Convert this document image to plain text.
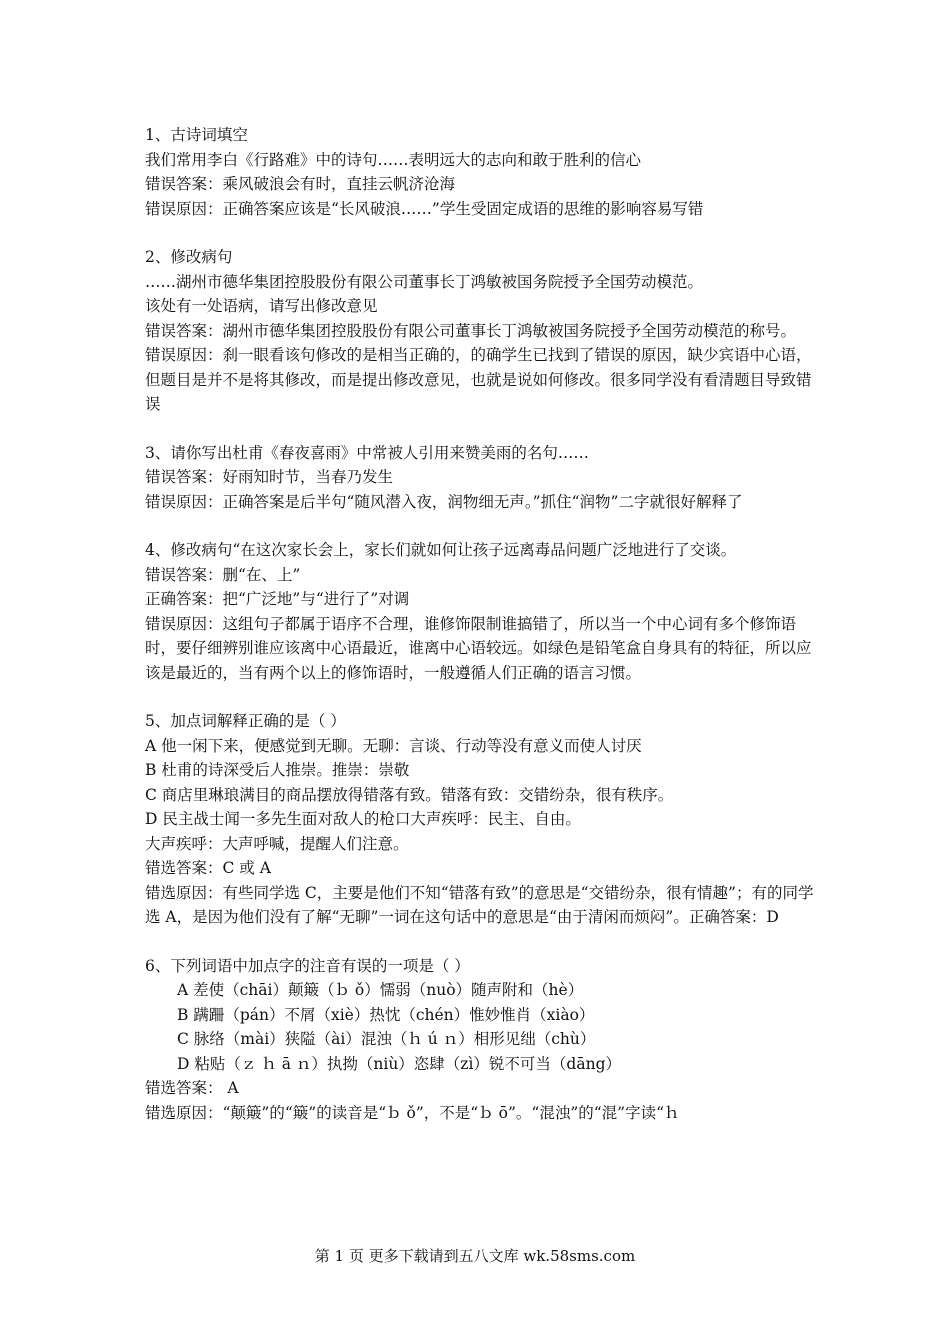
1、古诗词填空

我们常用李白《行路难》中的诗句……表明远大的志向和敢于胜利的信心

错误答案：乘风破浪会有时，直挂云帆济沧海

错误原因：正确答案应该是“长风破浪……”学生受固定成语的思维的影响容易写错

2、修改病句

……湖州市德华集团控股股份有限公司董事长丁鸿敏被国务院授予全国劳动模范。

该处有一处语病，请写出修改意见

错误答案：湖州市德华集团控股股份有限公司董事长丁鸿敏被国务院授予全国劳动模范的称号。

错误原因：刹一眼看该句修改的是相当正确的，的确学生已找到了错误的原因，缺少宾语中心语，但题目是并不是将其修改，而是提出修改意见，也就是说如何修改。很多同学没有看清题目导致错误

3、请你写出杜甫《春夜喜雨》中常被人引用来赞美雨的名句……

错误答案：好雨知时节，当春乃发生

错误原因：正确答案是后半句“随风潜入夜，润物细无声。”抓住“润物”二字就很好解释了

4、修改病句“在这次家长会上，家长们就如何让孩子远离毒品问题广泛地进行了交谈。

错误答案：删“在、上”

正确答案：把“广泛地”与“进行了”对调

错误原因：这组句子都属于语序不合理，谁修饰限制谁搞错了，所以当一个中心词有多个修饰语时，要仔细辨别谁应该离中心语最近，谁离中心语较远。如绿色是铅笔盒自身具有的特征，所以应该是最近的，当有两个以上的修饰语时，一般遵循人们正确的语言习惯。

5、加点词解释正确的是（ ）

A 他一闲下来，便感觉到无聊。无聊：言谈、行动等没有意义而使人讨厌

B 杜甫的诗深受后人推崇。推崇：崇敬

C 商店里琳琅满目的商品摆放得错落有致。错落有致：交错纷杂，很有秩序。

D 民主战士闻一多先生面对敌人的枪口大声疾呼：民主、自由。

大声疾呼：大声呼喊，提醒人们注意。

错选答案：C 或 A

错选原因：有些同学选 C，主要是他们不知“错落有致”的意思是“交错纷杂，很有情趣”；有的同学选 A，是因为他们没有了解“无聊”一词在这句话中的意思是“由于清闲而烦闷”。正确答案：D

6、下列词语中加点字的注音有误的一项是（ ）

A 差使（chāi）颠簸（ｂ ǒ）懦弱（nuò）随声附和（hè）

B 蹒跚（pán）不屑（xiè）热忱（chén）惟妙惟肖（xiào）

C 脉络（mài）狭隘（ài）混浊（ｈ ú ｎ）相形见绌（chù）

D 粘贴（ｚ ｈ ā ｎ）执拗（niù）恣肆（zì）锐不可当（dāng）

错选答案： A

错选原因：“颠簸”的“簸”的读音是“ｂ ǒ”，不是“ｂ ō”。“混浊”的“混”字读“ｈ

第 1 页 更多下载请到五八文库 wk.58sms.com
